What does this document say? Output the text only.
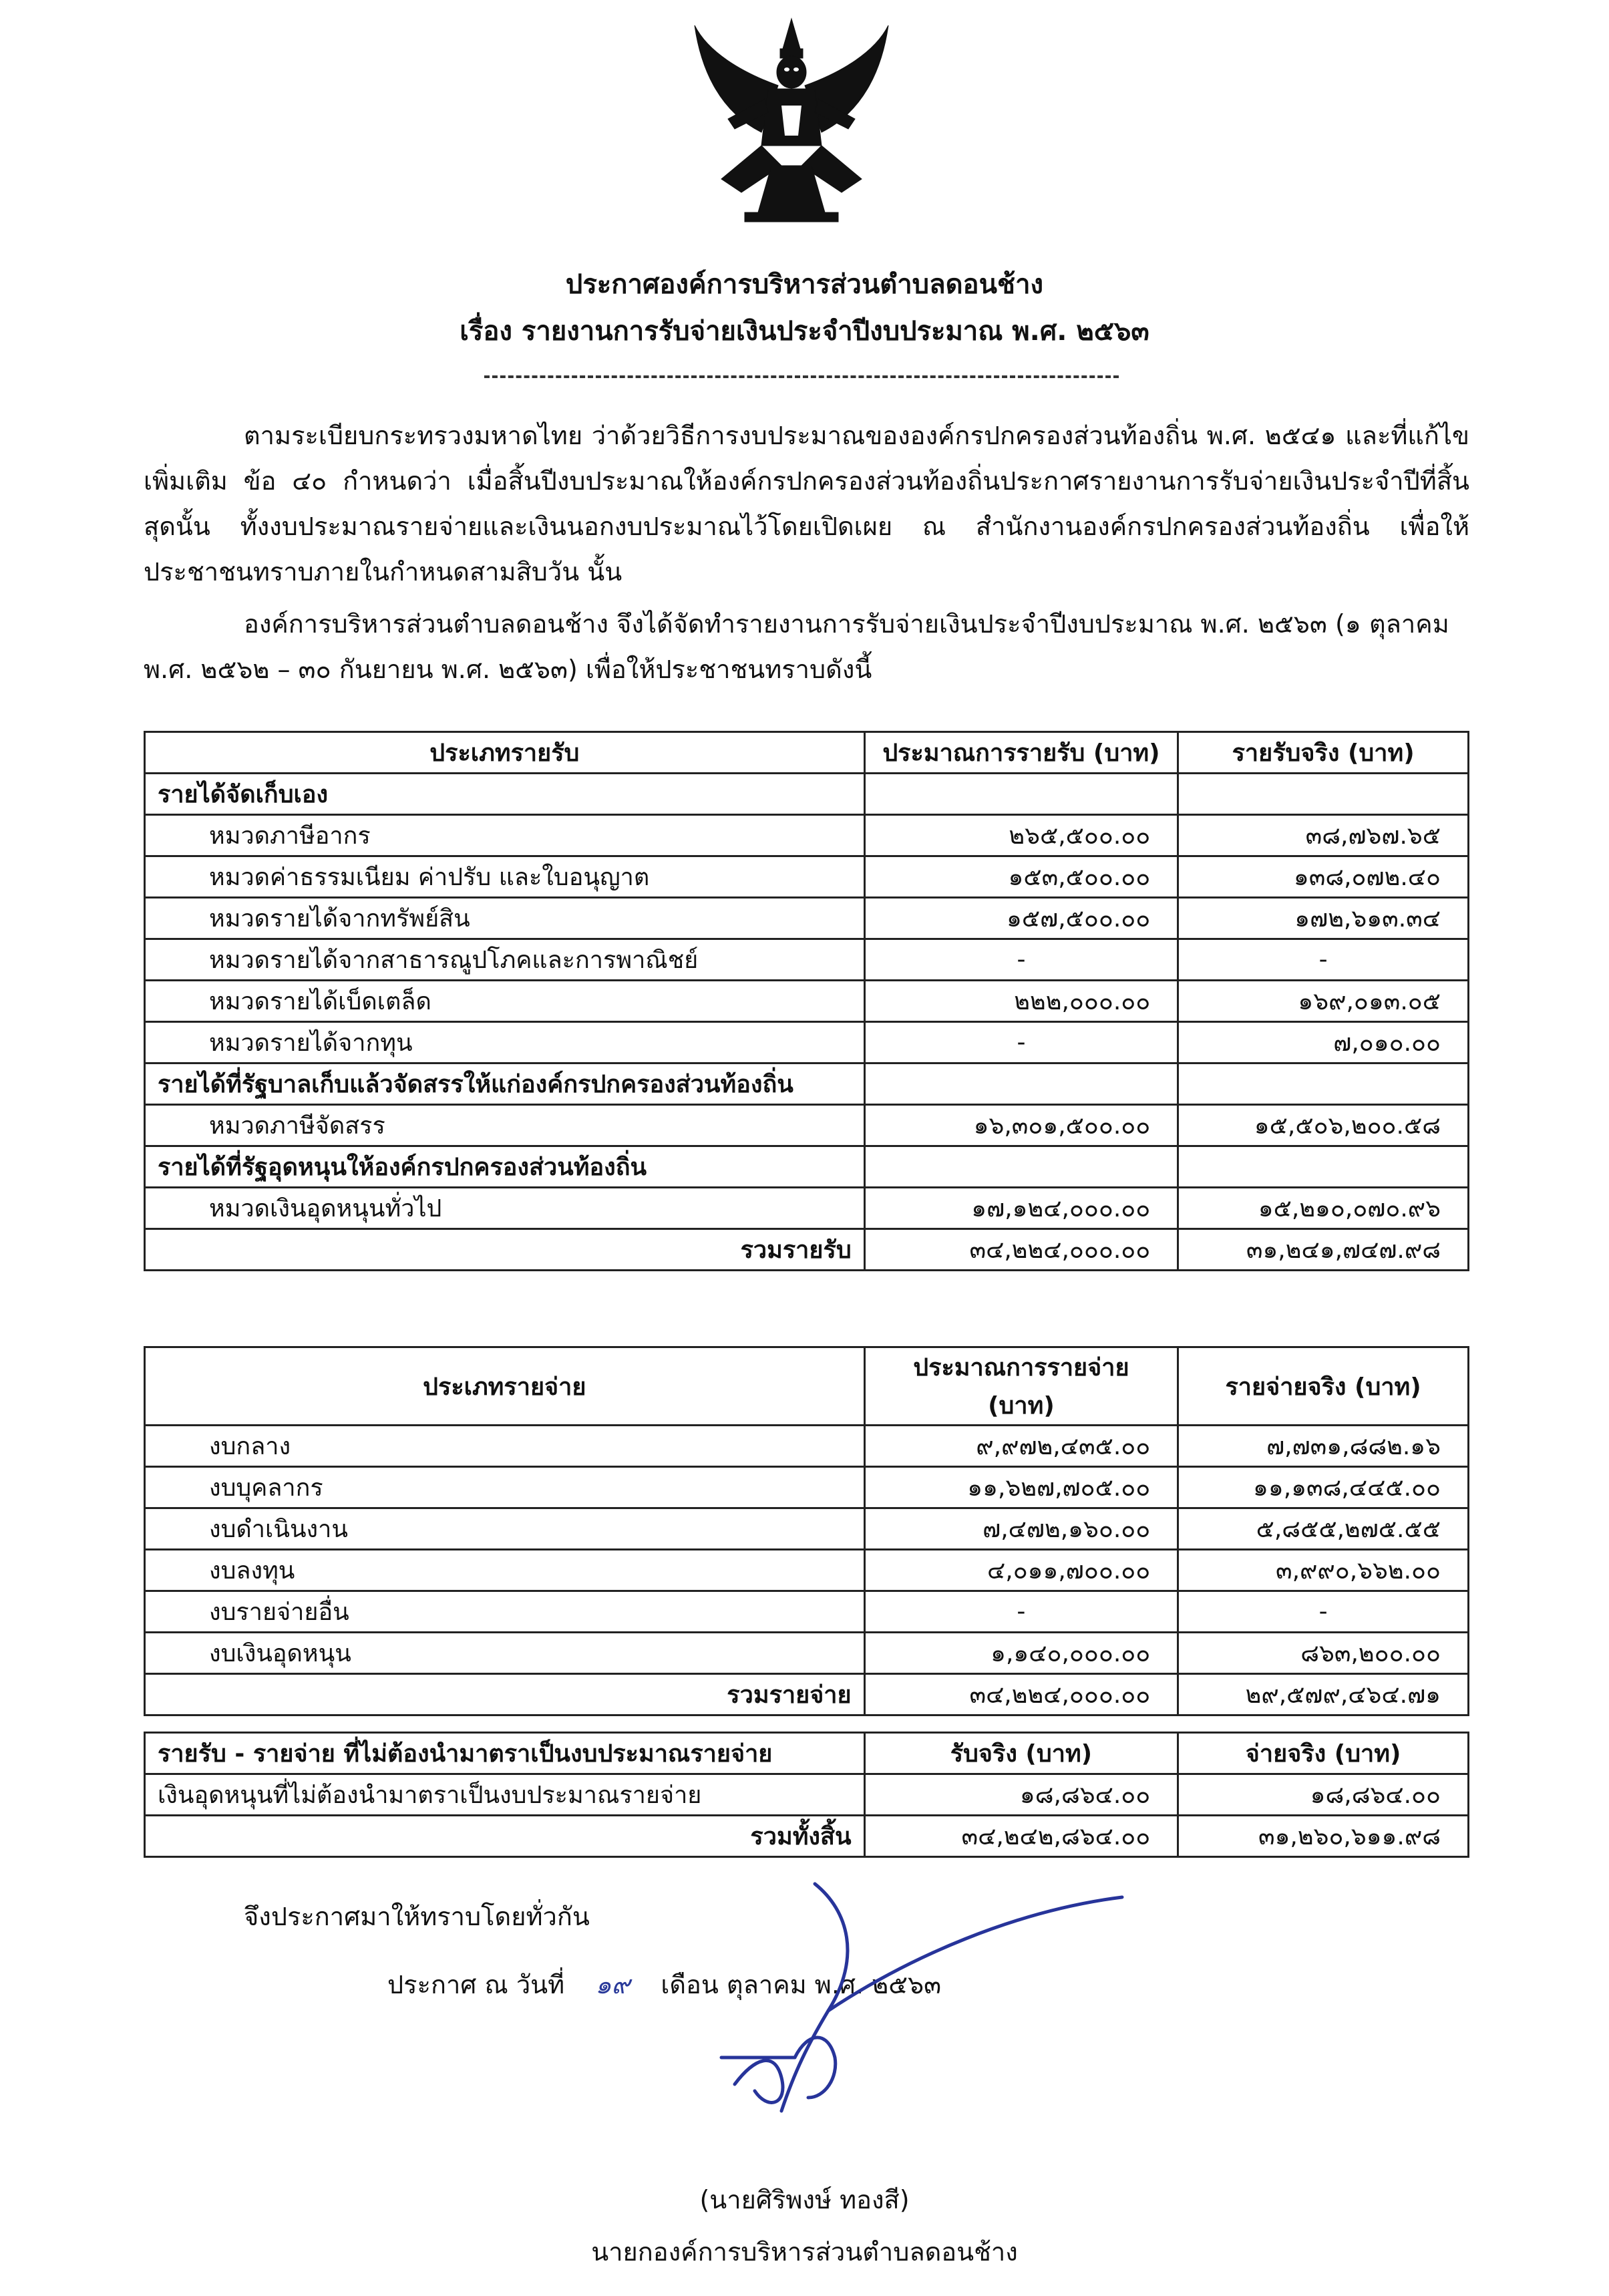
ประกาศองค์การบริหารส่วนตำบลดอนช้าง
เรื่อง รายงานการรับจ่ายเงินประจำปีงบประมาณ พ.ศ. ๒๕๖๓
ตามระเบียบกระทรวงมหาดไทย ว่าด้วยวิธีการงบประมาณขององค์กรปกครองส่วนท้องถิ่น พ.ศ. ๒๕๔๑ และที่แก้ไขเพิ่มเติม ข้อ ๔๐ กำหนดว่า เมื่อสิ้นปีงบประมาณให้องค์กรปกครองส่วนท้องถิ่นประกาศรายงานการรับจ่ายเงินประจำปีที่สิ้นสุดนั้น ทั้งงบประมาณรายจ่ายและเงินนอกงบประมาณไว้โดยเปิดเผย ณ สำนักงานองค์กรปกครองส่วนท้องถิ่น เพื่อให้ประชาชนทราบภายในกำหนดสามสิบวัน นั้น
องค์การบริหารส่วนตำบลดอนช้าง จึงได้จัดทำรายงานการรับจ่ายเงินประจำปีงบประมาณ พ.ศ. ๒๕๖๓ (๑ ตุลาคม พ.ศ. ๒๕๖๒ – ๓๐ กันยายน พ.ศ. ๒๕๖๓) เพื่อให้ประชาชนทราบดังนี้
ประเภทรายรับ	ประมาณการรายรับ (บาท)	รายรับจริง (บาท)
รายได้จัดเก็บเอง		
หมวดภาษีอากร	๒๖๕,๕๐๐.๐๐	๓๘,๗๖๗.๖๕
หมวดค่าธรรมเนียม ค่าปรับ และใบอนุญาต	๑๕๓,๕๐๐.๐๐	๑๓๘,๐๗๒.๔๐
หมวดรายได้จากทรัพย์สิน	๑๕๗,๕๐๐.๐๐	๑๗๒,๖๑๓.๓๔
หมวดรายได้จากสาธารณูปโภคและการพาณิชย์	-	-
หมวดรายได้เบ็ดเตล็ด	๒๒๒,๐๐๐.๐๐	๑๖๙,๐๑๓.๐๕
หมวดรายได้จากทุน	-	๗,๐๑๐.๐๐
รายได้ที่รัฐบาลเก็บแล้วจัดสรรให้แก่องค์กรปกครองส่วนท้องถิ่น		
หมวดภาษีจัดสรร	๑๖,๓๐๑,๕๐๐.๐๐	๑๕,๕๐๖,๒๐๐.๕๘
รายได้ที่รัฐอุดหนุนให้องค์กรปกครองส่วนท้องถิ่น		
หมวดเงินอุดหนุนทั่วไป	๑๗,๑๒๔,๐๐๐.๐๐	๑๕,๒๑๐,๐๗๐.๙๖
รวมรายรับ	๓๔,๒๒๔,๐๐๐.๐๐	๓๑,๒๔๑,๗๔๗.๙๘
ประเภทรายจ่าย	ประมาณการรายจ่าย (บาท)	รายจ่ายจริง (บาท)
งบกลาง	๙,๙๗๒,๔๓๕.๐๐	๗,๗๓๑,๘๘๒.๑๖
งบบุคลากร	๑๑,๖๒๗,๗๐๕.๐๐	๑๑,๑๓๘,๔๔๕.๐๐
งบดำเนินงาน	๗,๔๗๒,๑๖๐.๐๐	๕,๘๕๕,๒๗๕.๕๕
งบลงทุน	๔,๐๑๑,๗๐๐.๐๐	๓,๙๙๐,๖๖๒.๐๐
งบรายจ่ายอื่น	-	-
งบเงินอุดหนุน	๑,๑๔๐,๐๐๐.๐๐	๘๖๓,๒๐๐.๐๐
รวมรายจ่าย	๓๔,๒๒๔,๐๐๐.๐๐	๒๙,๕๗๙,๔๖๔.๗๑
รายรับ - รายจ่าย ที่ไม่ต้องนำมาตราเป็นงบประมาณรายจ่าย	รับจริง (บาท)	จ่ายจริง (บาท)
เงินอุดหนุนที่ไม่ต้องนำมาตราเป็นงบประมาณรายจ่าย	๑๘,๘๖๔.๐๐	๑๘,๘๖๔.๐๐
รวมทั้งสิ้น	๓๔,๒๔๒,๘๖๔.๐๐	๓๑,๒๖๐,๖๑๑.๙๘
จึงประกาศมาให้ทราบโดยทั่วกัน
ประกาศ ณ วันที่ ๑๙ เดือน ตุลาคม พ.ศ. ๒๕๖๓
(นายศิริพงษ์ ทองสี)
นายกองค์การบริหารส่วนตำบลดอนช้าง
